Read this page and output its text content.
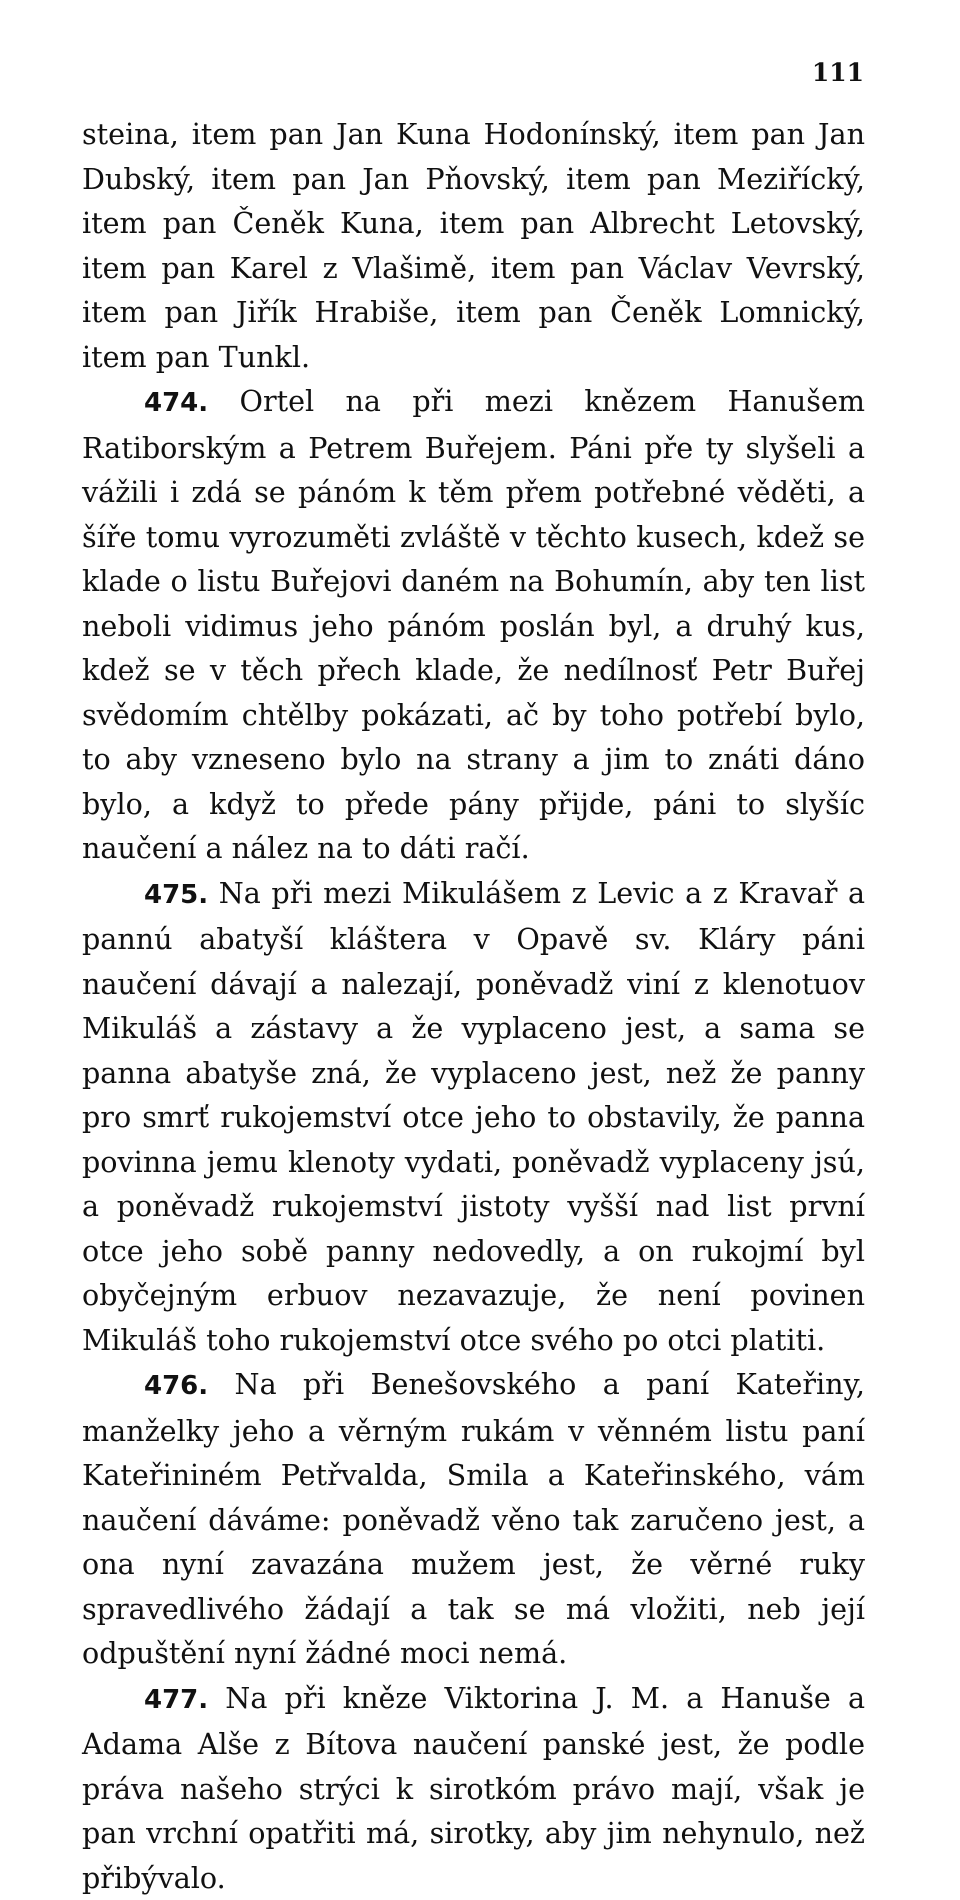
111

steina, item pan Jan Kuna Hodonínský, item pan Jan Dubský, item pan Jan Pňovský, item pan Meziřícký, item pan Čeněk Kuna, item pan Albrecht Letovský, item pan Karel z Vlašimě, item pan Václav Vevrský, item pan Jiřík Hrabiše, item pan Čeněk Lomnický, item pan Tunkl.

474. Ortel na při mezi knězem Hanušem Ratiborským a Petrem Buřejem. Páni pře ty slyšeli a vážili i zdá se pánóm k těm přem potřebné věděti, a šíře tomu vyrozuměti zvláště v těchto kusech, kdež se klade o listu Buřejovi daném na Bohumín, aby ten list neboli vidimus jeho pánóm poslán byl, a druhý kus, kdež se v těch přech klade, že nedílnosť Petr Buřej svědomím chtělby pokázati, ač by toho potřebí bylo, to aby vzneseno bylo na strany a jim to znáti dáno bylo, a když to přede pány přijde, páni to slyšíc naučení a nález na to dáti račí.

475. Na při mezi Mikulášem z Levic a z Kravař a pannú abatyší kláštera v Opavě sv. Kláry páni naučení dávají a nalezají, poněvadž viní z klenotuov Mikuláš a zástavy a že vyplaceno jest, a sama se panna abatyše zná, že vyplaceno jest, než že panny pro smrť rukojemství otce jeho to obstavily, že panna povinna jemu klenoty vydati, poněvadž vyplaceny jsú, a poněvadž rukojemství jistoty vyšší nad list první otce jeho sobě panny nedovedly, a on rukojmí byl obyčejným erbuov nezavazuje, že není povinen Mikuláš toho rukojemství otce svého po otci platiti.

476. Na při Benešovského a paní Kateřiny, manželky jeho a věrným rukám v věnném listu paní Kateřininém Petřvalda, Smila a Kateřinského, vám naučení dáváme: poněvadž věno tak zaručeno jest, a ona nyní zavazána mužem jest, že věrné ruky spravedlivého žádají a tak se má vložiti, neb její odpuštění nyní žádné moci nemá.

477. Na při kněze Viktorina J. M. a Hanuše a Adama Alše z Bítova naučení panské jest, že podle práva našeho strýci k sirotkóm právo mají, však je pan vrchní opatřiti má, sirotky, aby jim nehynulo, než přibývalo.
